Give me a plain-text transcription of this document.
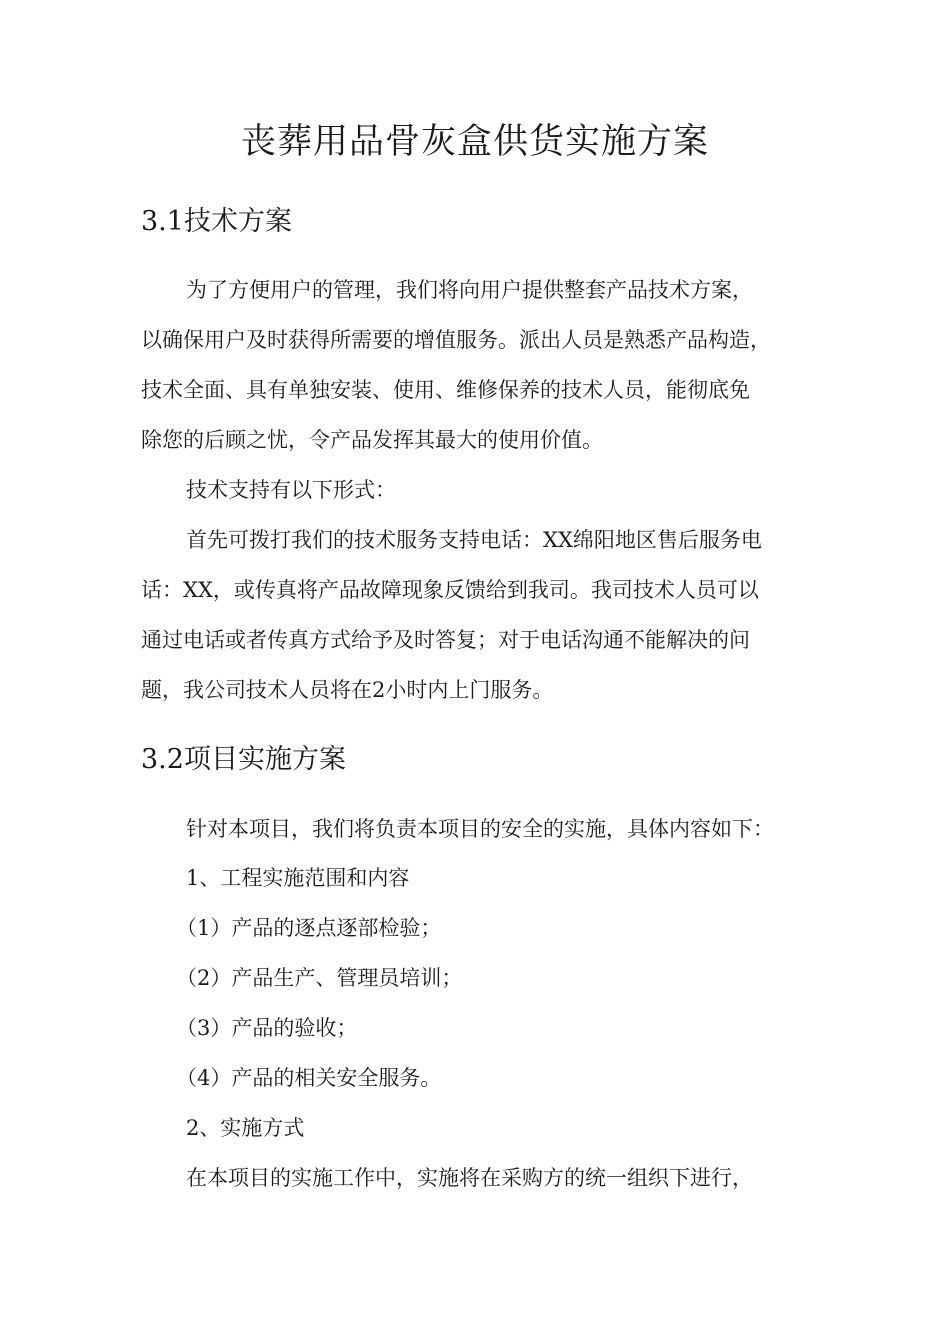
丧葬用品骨灰盒供货实施方案
3.1技术方案
为了方便用户的管理，我们将向用户提供整套产品技术方案，
以确保用户及时获得所需要的增值服务。派出人员是熟悉产品构造，
技术全面、具有单独安装、使用、维修保养的技术人员，能彻底免
除您的后顾之忧，令产品发挥其最大的使用价值。
技术支持有以下形式：
首先可拨打我们的技术服务支持电话：XX绵阳地区售后服务电
话：XX，或传真将产品故障现象反馈给到我司。我司技术人员可以
通过电话或者传真方式给予及时答复；对于电话沟通不能解决的问
题，我公司技术人员将在2小时内上门服务。
3.2项目实施方案
针对本项目，我们将负责本项目的安全的实施，具体内容如下：
1、工程实施范围和内容
（1）产品的逐点逐部检验；
（2）产品生产、管理员培训；
（3）产品的验收；
（4）产品的相关安全服务。
2、实施方式
在本项目的实施工作中，实施将在采购方的统一组织下进行，
